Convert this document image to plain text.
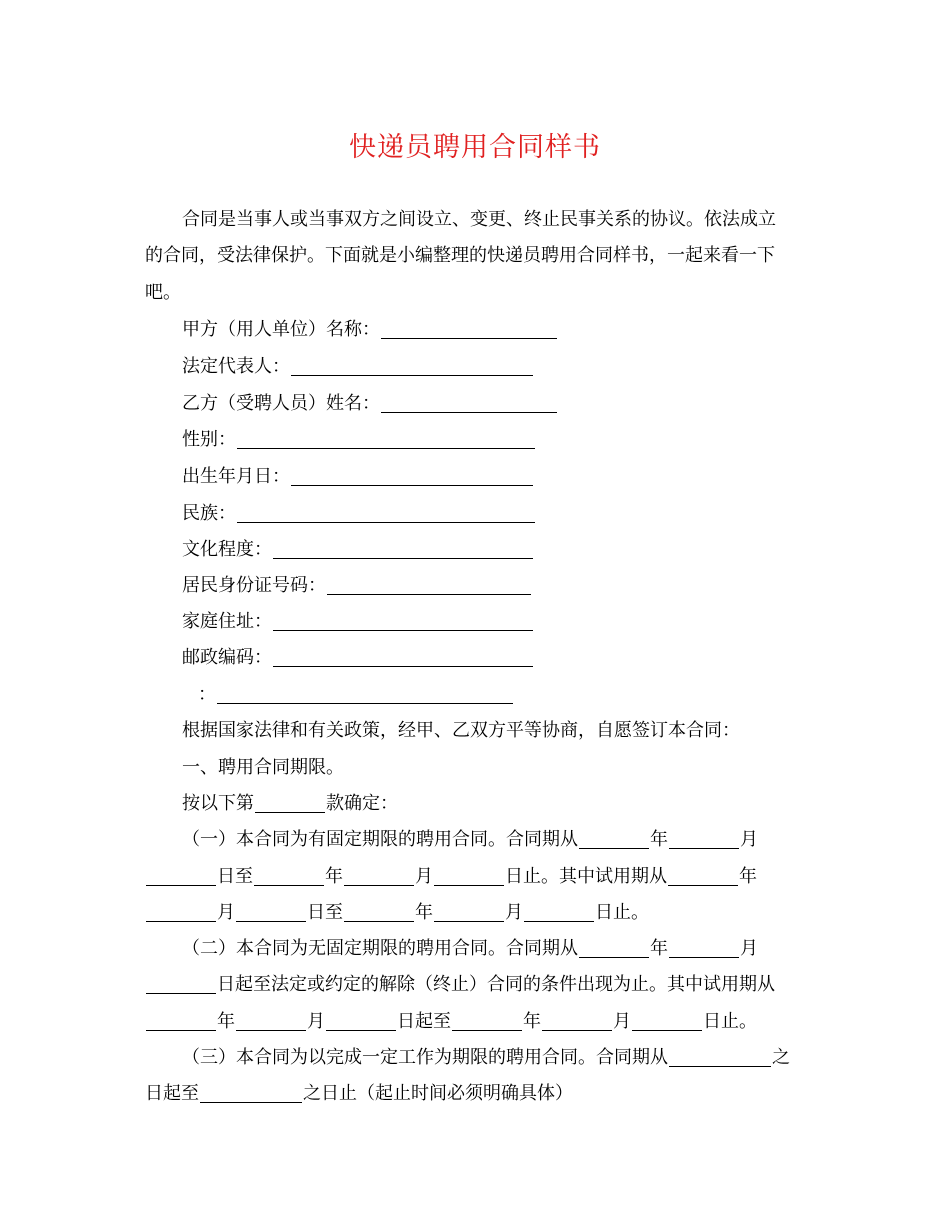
快递员聘用合同样书
合同是当事人或当事双方之间设立、变更、终止民事关系的协议。依法成立
的合同，受法律保护。下面就是小编整理的快递员聘用合同样书，一起来看一下
吧。
甲方（用人单位）名称：
法定代表人：
乙方（受聘人员）姓名：
性别：
出生年月日：
民族：
文化程度：
居民身份证号码：
家庭住址：
邮政编码：
：
根据国家法律和有关政策，经甲、乙双方平等协商，自愿签订本合同：
一、聘用合同期限。
按以下第	款确定：
（一）本合同为有固定期限的聘用合同。合同期从	年	月
日至	年	月	日止。其中试用期从	年
月	日至	年	月	日止。
（二）本合同为无固定期限的聘用合同。合同期从	年	月
日起至法定或约定的解除（终止）合同的条件出现为止。其中试用期从
年	月	日起至	年	月	日止。
（三）本合同为以完成一定工作为期限的聘用合同。合同期从	之
日起至	之日止（起止时间必须明确具体）
